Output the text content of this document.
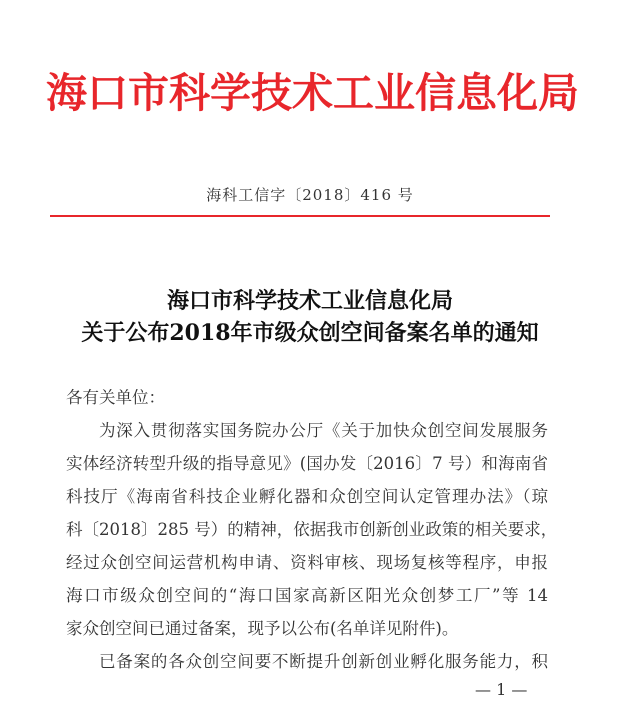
海口市科学技术工业信息化局
海科工信字〔2018〕416 号
海口市科学技术工业信息化局
关于公布2018年市级众创空间备案名单的通知
各有关单位：
为深入贯彻落实国务院办公厅《关于加快众创空间发展服务
实体经济转型升级的指导意见》(国办发〔2016〕7 号）和海南省
科技厅《海南省科技企业孵化器和众创空间认定管理办法》（琼
科〔2018〕285 号）的精神，依据我市创新创业政策的相关要求，
经过众创空间运营机构申请、资料审核、现场复核等程序，申报
海口市级众创空间的“海口国家高新区阳光众创梦工厂”等 14
家众创空间已通过备案，现予以公布(名单详见附件)。
已备案的各众创空间要不断提升创新创业孵化服务能力，积
— 1 —
